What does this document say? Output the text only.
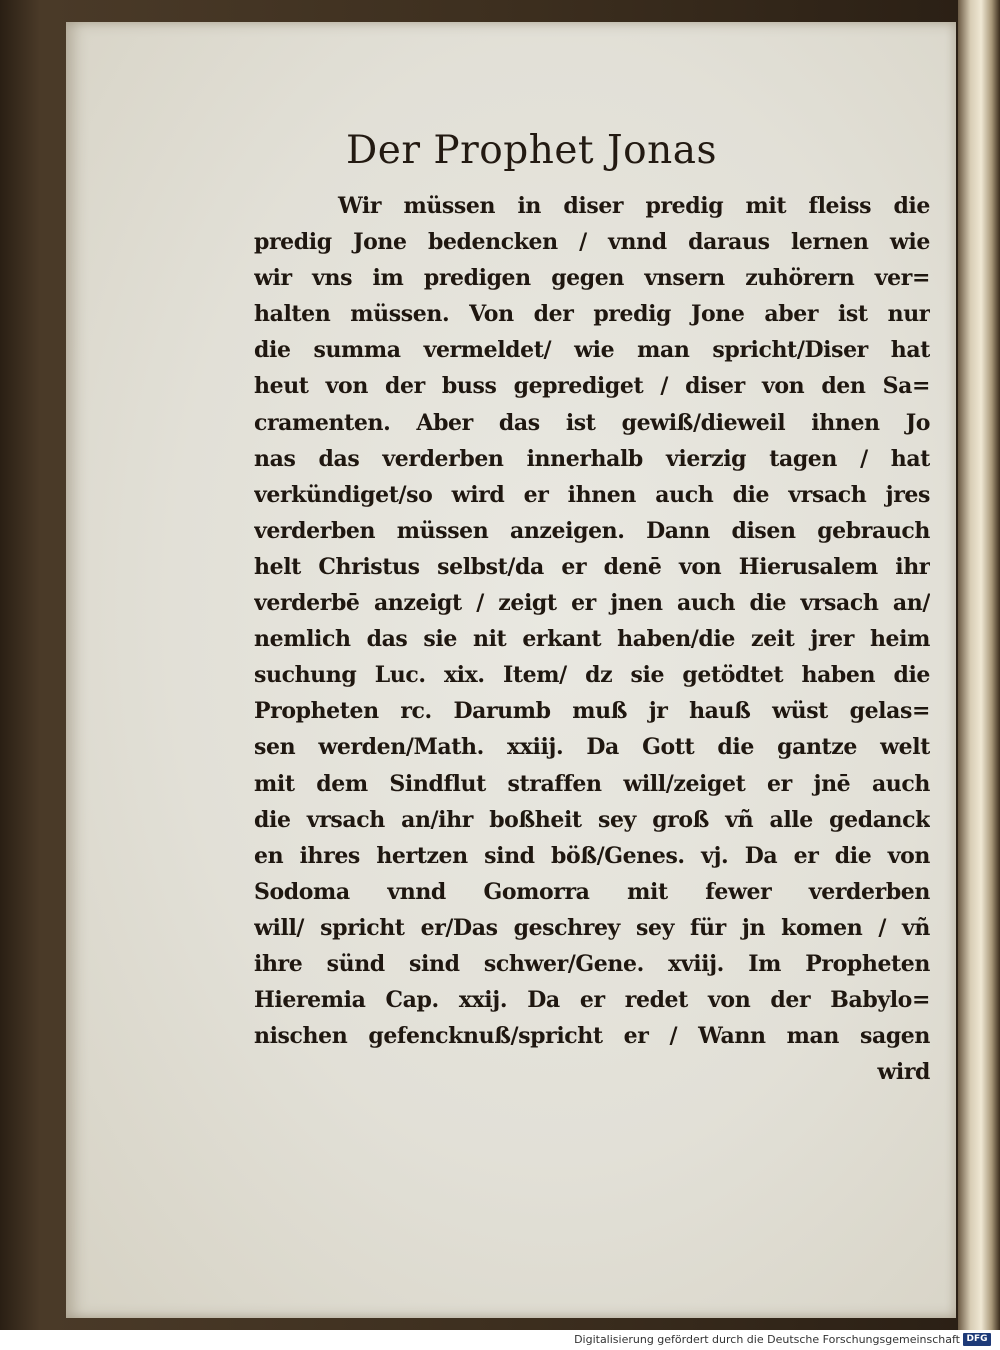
Der Prophet Jonas
Wir müssen in diser predig mit fleiss die
predig Jone bedencken / vnnd daraus lernen wie
wir vns im predigen gegen vnsern zuhörern ver=
halten müssen. Von der predig Jone aber ist nur
die summa vermeldet/ wie man spricht/Diser hat
heut von der buss geprediget / diser von den Sa=
cramenten. Aber das ist gewiß/dieweil ihnen Jo
nas das verderben innerhalb vierzig tagen / hat
verkündiget/so wird er ihnen auch die vrsach jres
verderben müssen anzeigen. Dann disen gebrauch
helt Christus selbst/da er denē von Hierusalem ihr
verderbē anzeigt / zeigt er jnen auch die vrsach an/
nemlich das sie nit erkant haben/die zeit jrer heim
suchung Luc. xix. Item/ dz sie getödtet haben die
Propheten rc. Darumb muß jr hauß wüst gelas=
sen werden/Math. xxiij. Da Gott die gantze welt
mit dem Sindflut straffen will/zeiget er jnē auch
die vrsach an/ihr boßheit sey groß vñ alle gedanck
en ihres hertzen sind böß/Genes. vj. Da er die von
Sodoma vnnd Gomorra mit fewer verderben
will/ spricht er/Das geschrey sey für jn komen / vñ
ihre sünd sind schwer/Gene. xviij. Im Propheten
Hieremia Cap. xxij. Da er redet von der Babylo=
nischen gefencknuß/spricht er / Wann man sagen
wird
Digitalisierung gefördert durch die Deutsche Forschungsgemeinschaft DFG
